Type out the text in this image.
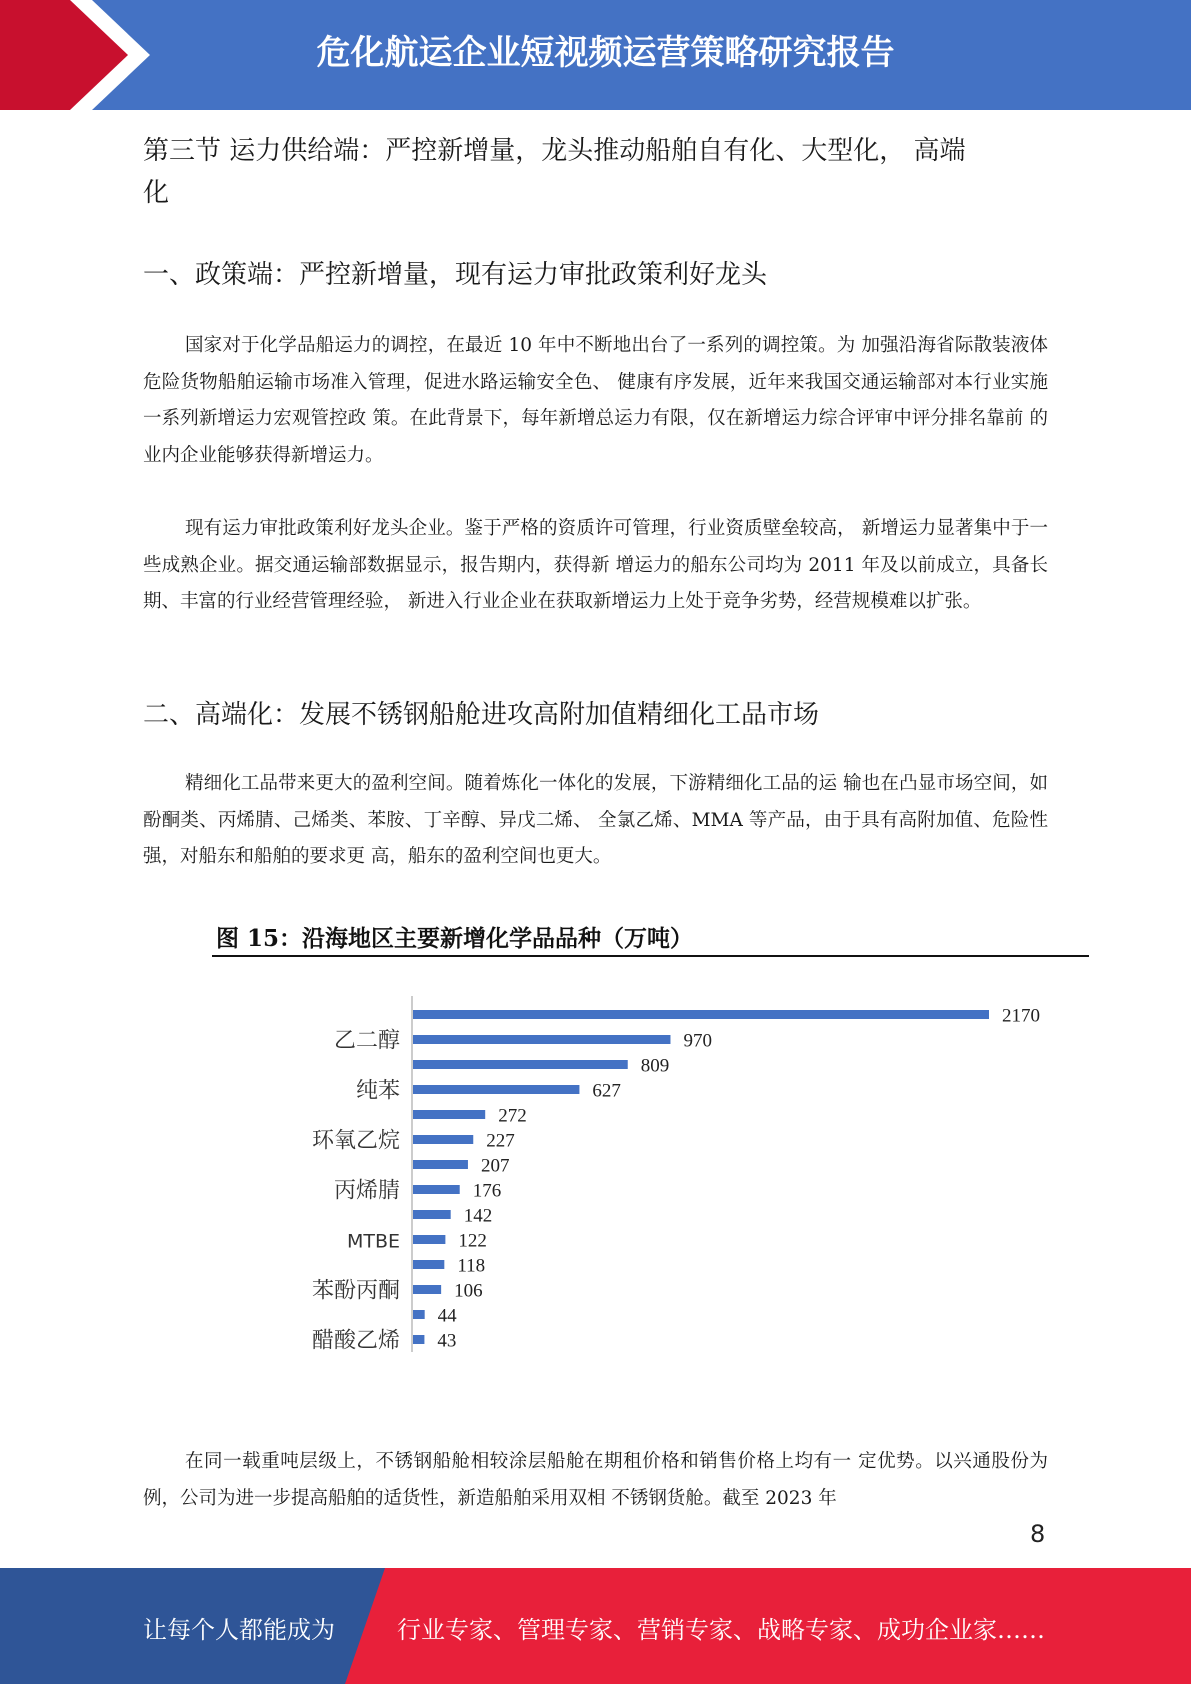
危化航运企业短视频运营策略研究报告
第三节 运力供给端：严控新增量，龙头推动船舶自有化、大型化， 高端
化
一、政策端：严控新增量，现有运力审批政策利好龙头
国家对于化学品船运力的调控，在最近 10 年中不断地出台了一系列的调控策。为 加强沿海省际散装液体危险货物船舶运输市场准入管理，促进水路运输安全色、 健康有序发展，近年来我国交通运输部对本行业实施一系列新增运力宏观管控政 策。在此背景下，每年新增总运力有限，仅在新增运力综合评审中评分排名靠前 的业内企业能够获得新增运力。
现有运力审批政策利好龙头企业。鉴于严格的资质许可管理，行业资质壁垒较高， 新增运力显著集中于一些成熟企业。据交通运输部数据显示，报告期内，获得新 增运力的船东公司均为 2011 年及以前成立，具备长期、丰富的行业经营管理经验， 新进入行业企业在获取新增运力上处于竞争劣势，经营规模难以扩张。
二、高端化：发展不锈钢船舱进攻高附加值精细化工品市场
精细化工品带来更大的盈利空间。随着炼化一体化的发展，下游精细化工品的运 输也在凸显市场空间，如酚酮类、丙烯腈、己烯类、苯胺、丁辛醇、异戊二烯、 全氯乙烯、MMA 等产品，由于具有高附加值、危险性强，对船东和船舶的要求更 高，船东的盈利空间也更大。
图 15：沿海地区主要新增化学品品种（万吨）
2170
970
乙二醇
809
627
纯苯
272
227
环氧乙烷
207
176
丙烯腈
142
122
MTBE
118
106
苯酚丙酮
44
43
醋酸乙烯
在同一载重吨层级上，不锈钢船舱相较涂层船舱在期租价格和销售价格上均有一 定优势。以兴通股份为例，公司为进一步提高船舶的适货性，新造船舶采用双相 不锈钢货舱。截至 2023 年
8
让每个人都能成为	行业专家、管理专家、营销专家、战略专家、成功企业家……
